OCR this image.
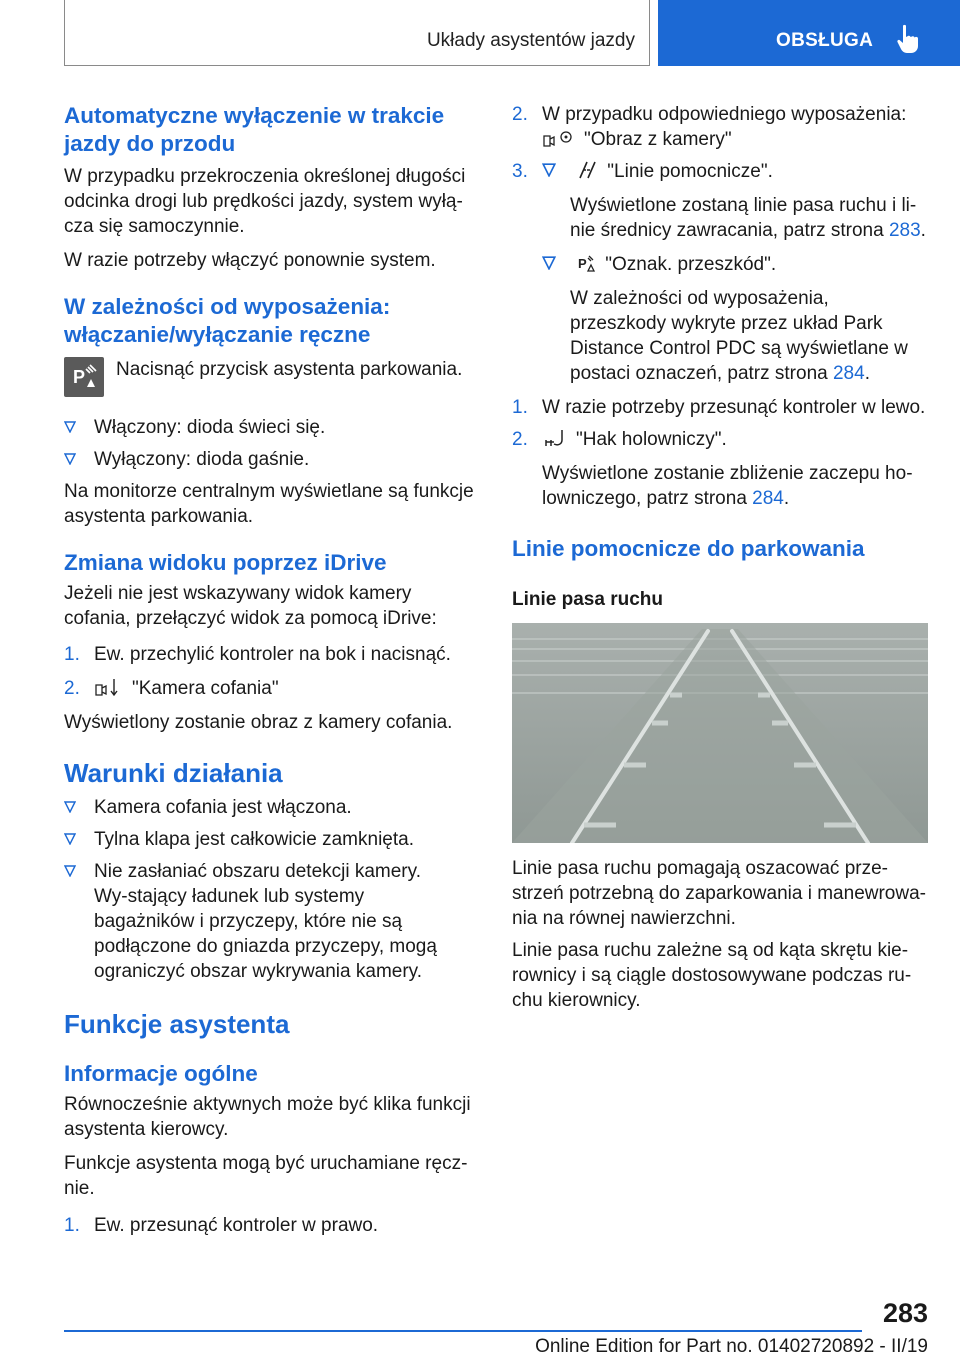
Układy asystentów jazdy	OBSŁUGA
Automatyczne wyłączenie w trakcie jazdy do przodu
W przypadku przekroczenia określonej długości odcinka drogi lub prędkości jazdy, system wyłą-cza się samoczynnie.
W razie potrzeby włączyć ponownie system.
W zależności od wyposażenia: włączanie/wyłączanie ręczne
P Nacisnąć przycisk asystenta parkowania.
Włączony: dioda świeci się.
Wyłączony: dioda gaśnie.
Na monitorze centralnym wyświetlane są funkcje asystenta parkowania.
Zmiana widoku poprzez iDrive
Jeżeli nie jest wskazywany widok kamery cofania, przełączyć widok za pomocą iDrive:
1. Ew. przechylić kontroler na bok i nacisnąć.
2.	"Kamera cofania"
Wyświetlony zostanie obraz z kamery cofania.
Warunki działania
Kamera cofania jest włączona.
Tylna klapa jest całkowicie zamknięta.
Nie zasłaniać obszaru detekcji kamery. Wy-stający ładunek lub systemy bagażników i przyczepy, które nie są podłączone do gniazda przyczepy, mogą ograniczyć obszar wykrywania kamery.
Funkcje asystenta
Informacje ogólne
Równocześnie aktywnych może być klika funkcji asystenta kierowcy.
Funkcje asystenta mogą być uruchamiane ręcz-nie.
1. Ew. przesunąć kontroler w prawo.
2. W przypadku odpowiedniego wyposażenia:
"Obraz z kamery"
3.	"Linie pomocnicze".
Wyświetlone zostaną linie pasa ruchu i li-nie średnicy zawracania, patrz strona 283.

P "Oznak. przeszkód".
W zależności od wyposażenia, przeszkody wykryte przez układ Park Distance Control PDC są wyświetlane w postaci oznaczeń, patrz strona 284.
1. W razie potrzeby przesunąć kontroler w lewo.
2.	"Hak holowniczy".
Wyświetlone zostanie zbliżenie zaczepu ho-lowniczego, patrz strona 284.
Linie pomocnicze do parkowania
Linie pasa ruchu
Linie pasa ruchu pomagają oszacować prze-strzeń potrzebną do zaparkowania i manewrowa-nia na równej nawierzchni.
Linie pasa ruchu zależne są od kąta skrętu kie-rownicy i są ciągle dostosowywane podczas ru-chu kierownicy.
283
Online Edition for Part no. 01402720892 - II/19
